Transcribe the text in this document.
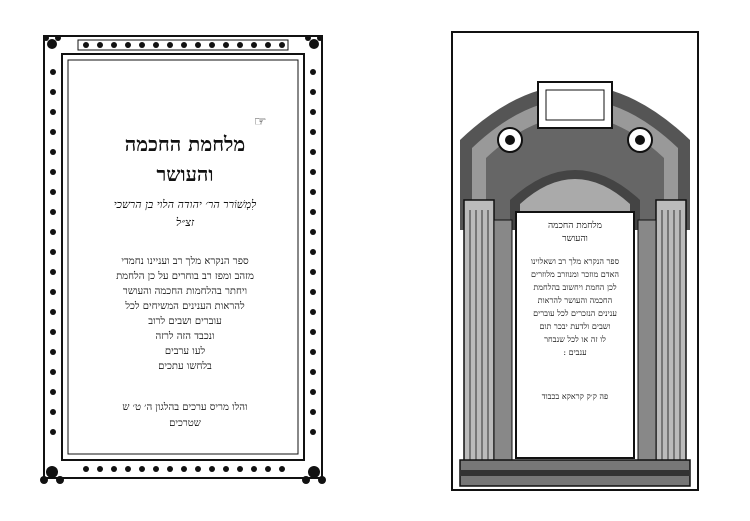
☞
מלחמת החכמה
והעושר
לִמְשׁוֹרר הר׳ יהודה הלוי בן הרשכי
זצ״ל
ספר הנקרא מלך רב ועניינו נחמדי
מזהב ומפז רב בוחרים על כן הלחמת
ויחתר בהלחמות החכמה והעושר
להראות הענינים המשיחים לכל
עוברים ושבים לרוב
ונכבד הזה לרזה
לעו ערבים
בלחשו עתכים
והלו מריס ערכים בהלגון ה׳ ט׳ ש
שטרכים
מלחמת החכמה
והעושר
ספר הנקרא מלך רב ושאלוינו
האדם מוזכר ומנוזרב מלוזרים
לכן החמת ויחשוב בהלחמת
החכמה והעושר להראות
ענינים הנזכרים לכל עוברים
ושבים ולדעת יבכר תום
לו זה או לכל שנבחר
ענבים :
פה ק׳ק קראקא בכבוד
